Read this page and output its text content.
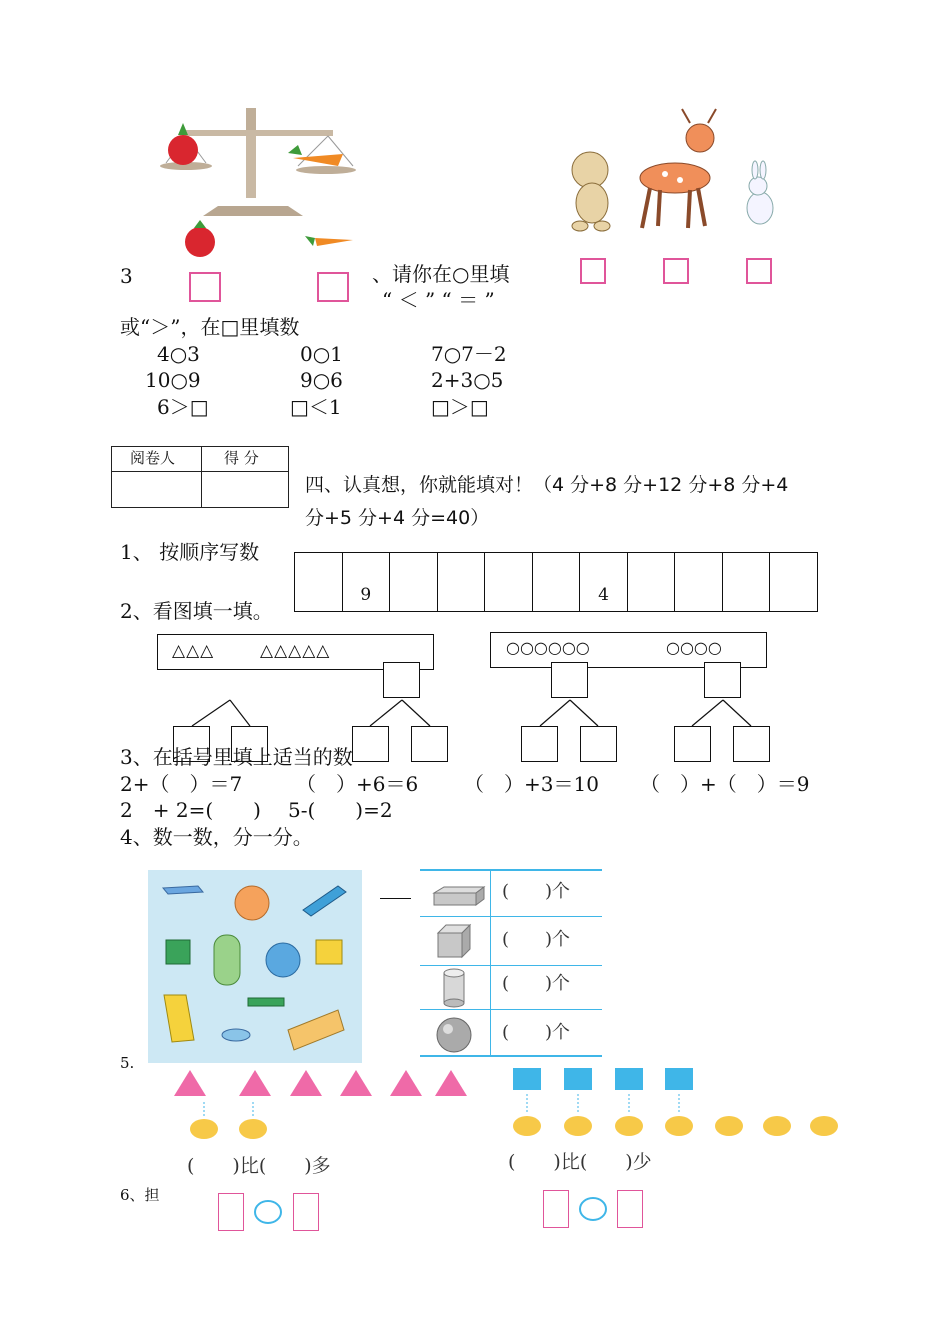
3	、请你在○里填
“ ＜ ” “ ＝ ”
或“＞”，在□里填数
4○3	0○1	7○7－2
10○9	9○6	2+3○5
6＞□	□＜1	□＞□
阅卷人	得 分
四、认真想，你就能填对！（4 分+8 分+12 分+8 分+4
分+5 分+4 分=40）
1、 按顺序写数
9	4
2、看图填一填。
△△△	△△△△△	○○○○○○	○○○○
3、在括号里填上适当的数
2+（　）＝7	（　）+6＝6 （　）+3＝10 （　）+（　）＝9
2　+ 2=(　　) 5-(　　)=2
4、数一数，分一分。
(　　)个
(　　)个
(　　)个
(　　)个
5.
(　　)比(　　)多	(　　)比(　　)少
6、担
